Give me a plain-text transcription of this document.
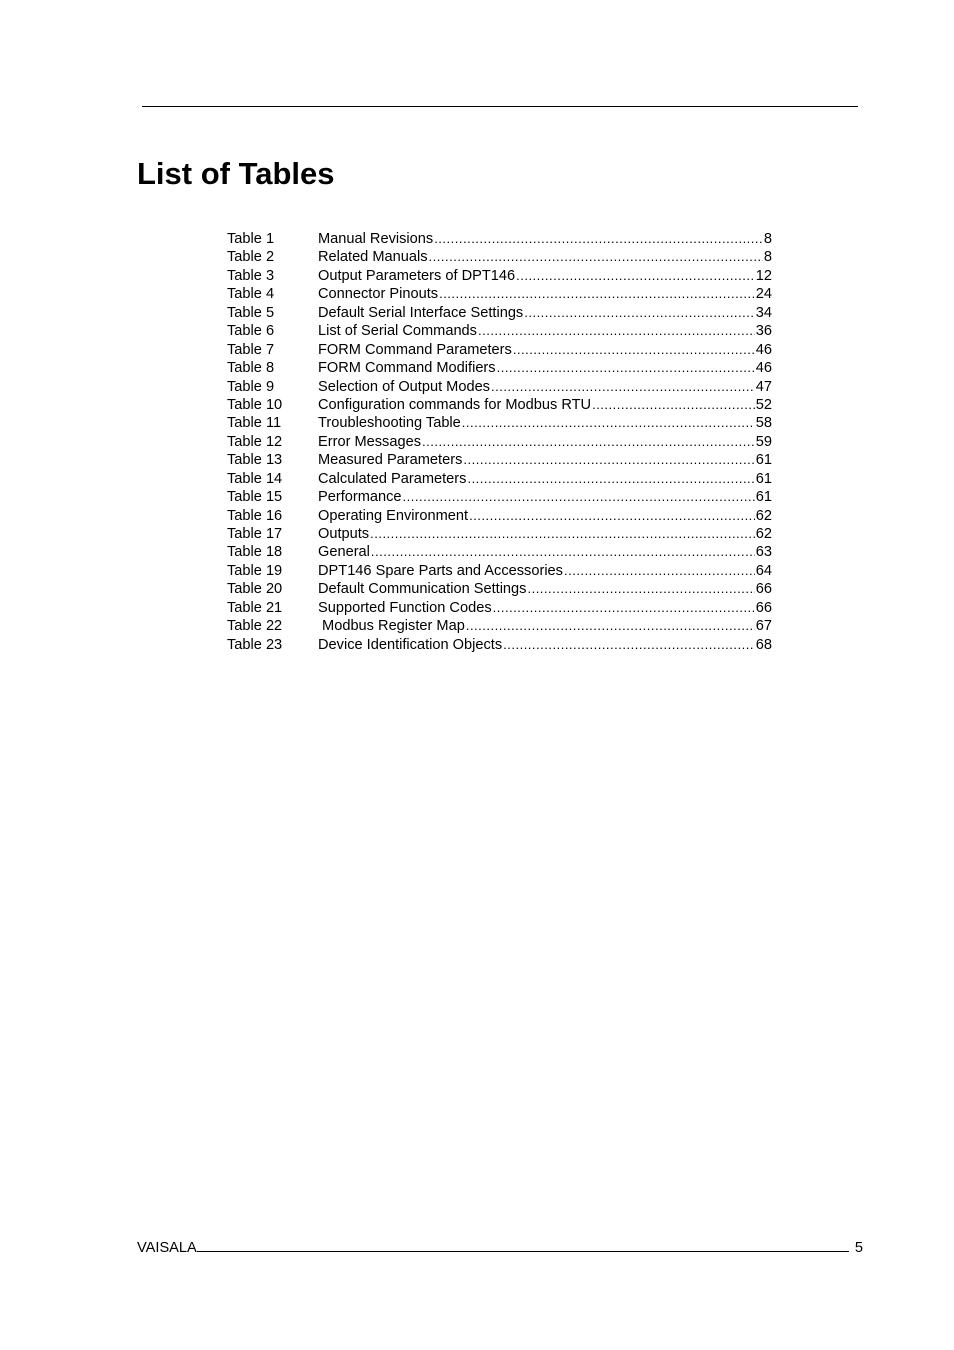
List of Tables
Table 1	Manual Revisions .....	8
Table 2	Related Manuals .....	8
Table 3	Output Parameters of DPT146 .....	12
Table 4	Connector Pinouts .....	24
Table 5	Default Serial Interface Settings .....	34
Table 6	List of Serial Commands .....	36
Table 7	FORM Command Parameters .....	46
Table 8	FORM Command Modifiers .....	46
Table 9	Selection of Output Modes .....	47
Table 10	Configuration commands for Modbus RTU .....	52
Table 11	Troubleshooting Table .....	58
Table 12	Error Messages .....	59
Table 13	Measured Parameters .....	61
Table 14	Calculated Parameters .....	61
Table 15	Performance .....	61
Table 16	Operating Environment .....	62
Table 17	Outputs .....	62
Table 18	General .....	63
Table 19	DPT146 Spare Parts and Accessories .....	64
Table 20	Default Communication Settings .....	66
Table 21	Supported Function Codes .....	66
Table 22	Modbus Register Map .....	67
Table 23	Device Identification Objects .....	68
VAISALA	5
